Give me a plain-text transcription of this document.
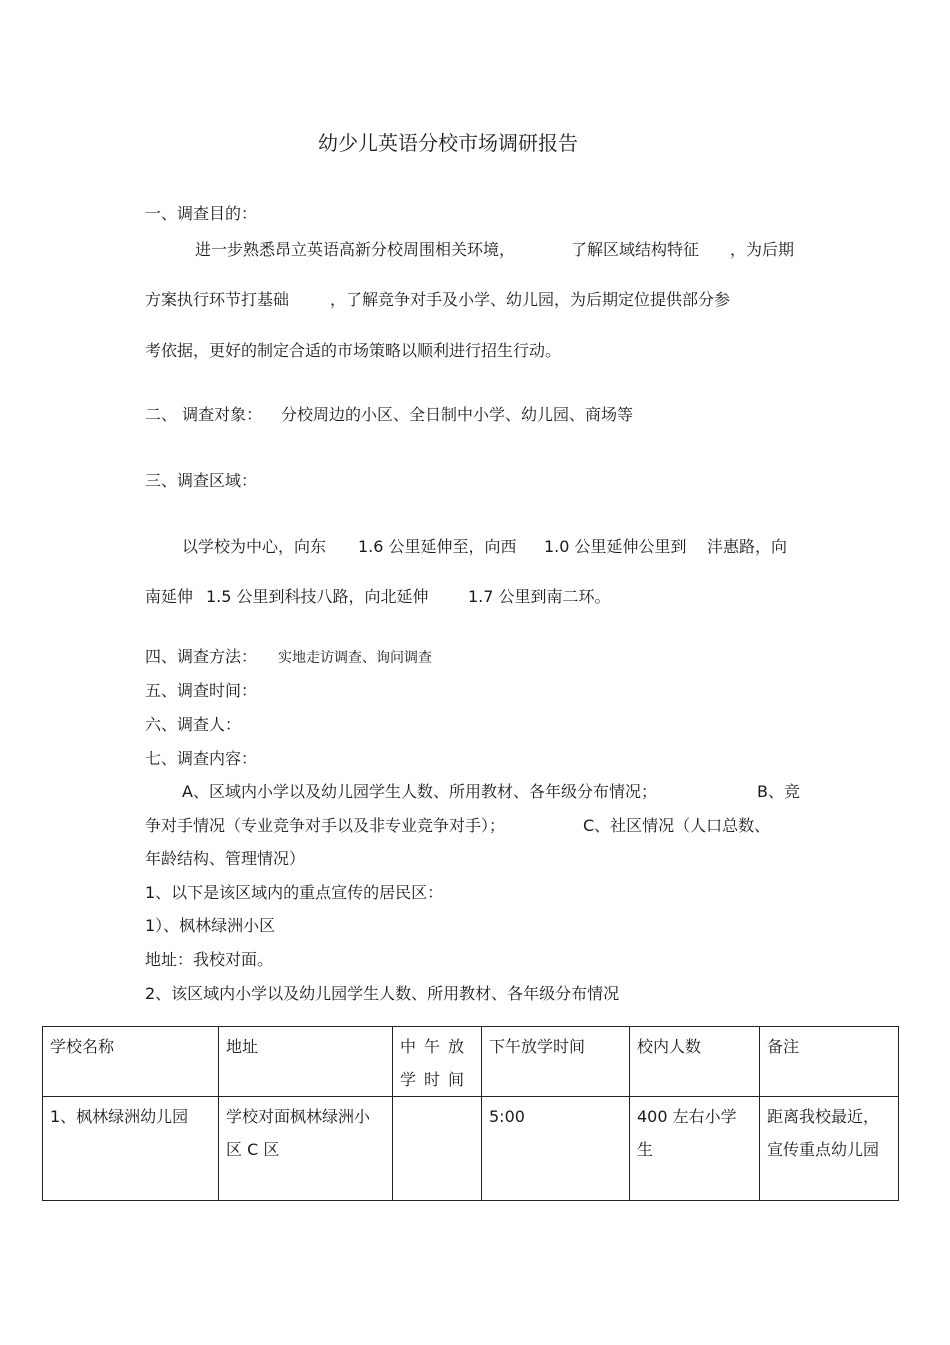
幼少儿英语分校市场调研报告
一、调查目的：
进一步熟悉昂立英语高新分校周围相关环境，	了解区域结构特征 ，为后期
方案执行环节打基础	，了解竞争对手及小学、幼儿园，为后期定位提供部分参
考依据，更好的制定合适的市场策略以顺利进行招生行动。
二、 调查对象： 分校周边的小区、全日制中小学、幼儿园、商场等
三、调查区域：
以学校为中心，向东 1.6 公里延伸至，向西 1.0 公里延伸公里到 沣惠路，向
南延伸 1.5 公里到科技八路，向北延伸 1.7 公里到南二环。
四、调查方法： 实地走访调查、询问调查
五、调查时间：
六、调查人：
七、调查内容：
A、区域内小学以及幼儿园学生人数、所用教材、各年级分布情况；	B、竞
争对手情况（专业竞争对手以及非专业竞争对手）；	C、社区情况（人口总数、
年龄结构、管理情况）
1、以下是该区域内的重点宣传的居民区：
1）、枫林绿洲小区
地址：我校对面。
2、该区域内小学以及幼儿园学生人数、所用教材、各年级分布情况
学校名称	地址	中午放学时间	下午放学时间	校内人数	备注
1、枫林绿洲幼儿园	学校对面枫林绿洲小区 C 区		5:00	400 左右小学生	距离我校最近，宣传重点幼儿园
